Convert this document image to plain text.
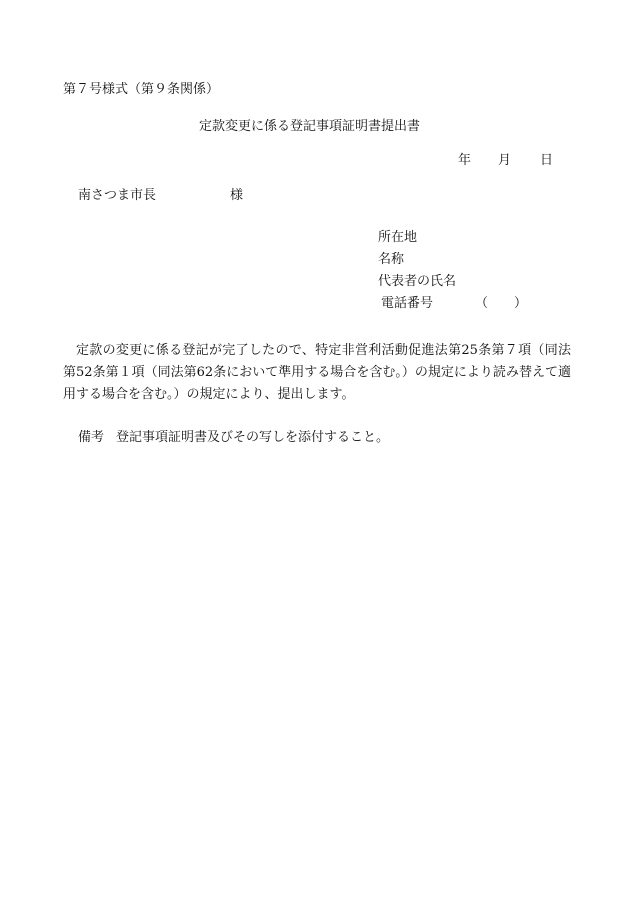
第７号様式（第９条関係）
定款変更に係る登記事項証明書提出書
年 月 日
南さつま市長	様
所在地
名称
代表者の氏名
電話番号	（　　）

定款の変更に係る登記が完了したので、特定非営利活動促進法第25条第７項（同法第52条第１項（同法第62条において準用する場合を含む。）の規定により読み替えて適用する場合を含む。）の規定により、提出します。

備考 登記事項証明書及びその写しを添付すること。
